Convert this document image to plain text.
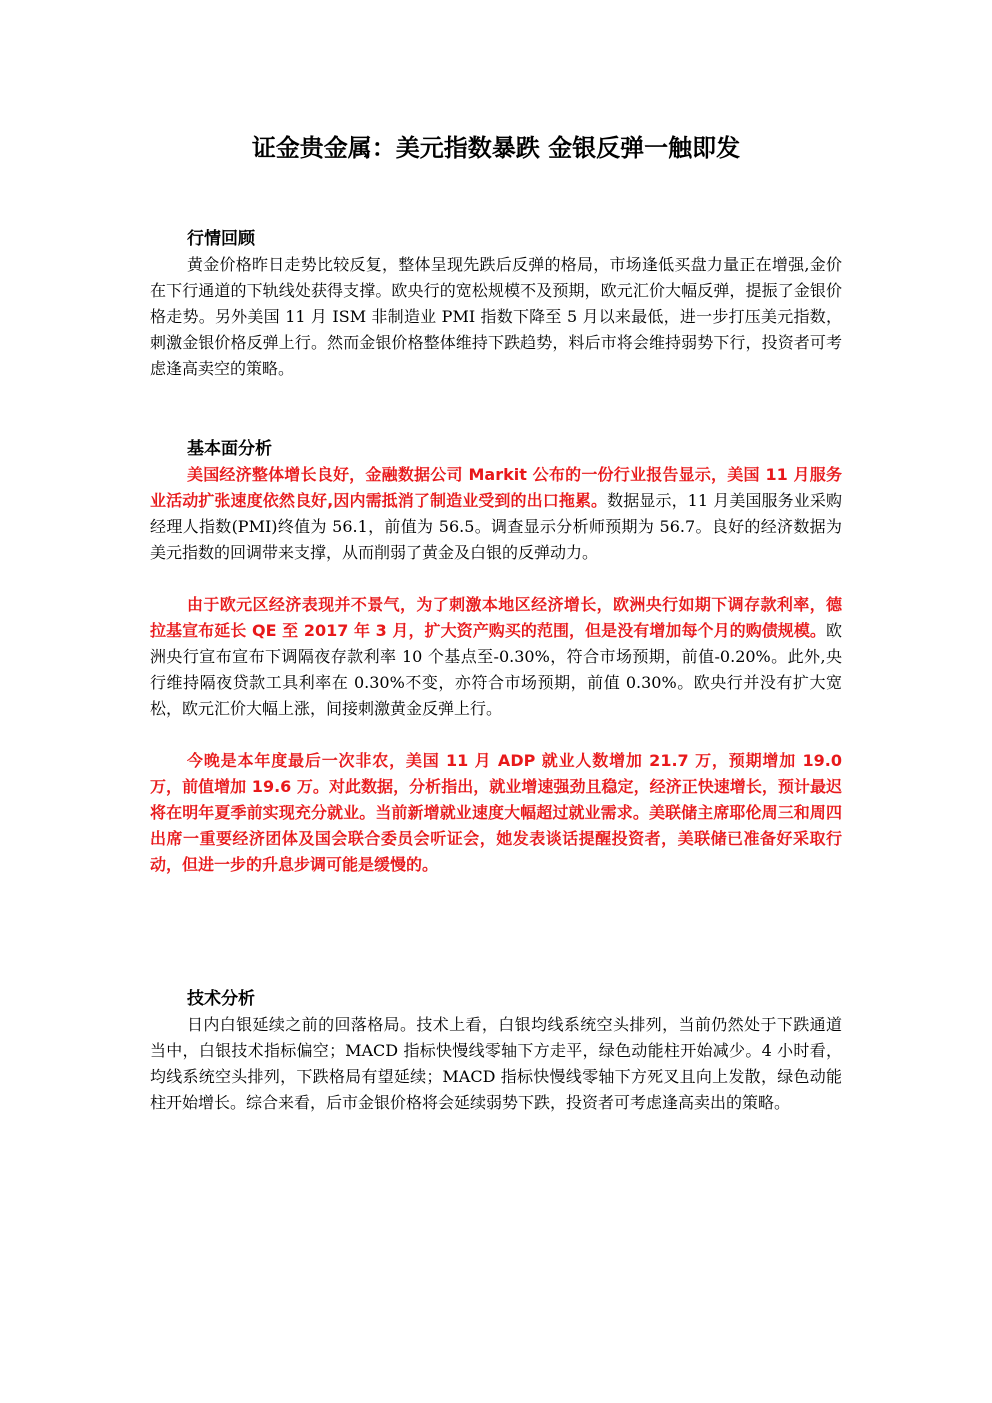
证金贵金属：美元指数暴跌 金银反弹一触即发
行情回顾

黄金价格昨日走势比较反复，整体呈现先跌后反弹的格局，市场逢低买盘力量正在增强,金价在下行通道的下轨线处获得支撑。欧央行的宽松规模不及预期，欧元汇价大幅反弹，提振了金银价格走势。另外美国 11 月 ISM 非制造业 PMI 指数下降至 5 月以来最低，进一步打压美元指数，刺激金银价格反弹上行。然而金银价格整体维持下跌趋势，料后市将会维持弱势下行，投资者可考虑逢高卖空的策略。

基本面分析

美国经济整体增长良好，金融数据公司 Markit 公布的一份行业报告显示，美国 11 月服务业活动扩张速度依然良好,因内需抵消了制造业受到的出口拖累。数据显示，11 月美国服务业采购经理人指数(PMI)终值为 56.1，前值为 56.5。调查显示分析师预期为 56.7。良好的经济数据为美元指数的回调带来支撑，从而削弱了黄金及白银的反弹动力。

由于欧元区经济表现并不景气，为了刺激本地区经济增长，欧洲央行如期下调存款利率，德拉基宣布延长 QE 至 2017 年 3 月，扩大资产购买的范围，但是没有增加每个月的购债规模。欧洲央行宣布宣布下调隔夜存款利率 10 个基点至-0.30%，符合市场预期，前值-0.20%。此外,央行维持隔夜贷款工具利率在 0.30%不变，亦符合市场预期，前值 0.30%。欧央行并没有扩大宽松，欧元汇价大幅上涨，间接刺激黄金反弹上行。

今晚是本年度最后一次非农，美国 11 月 ADP 就业人数增加 21.7 万，预期增加 19.0 万，前值增加 19.6 万。对此数据，分析指出，就业增速强劲且稳定，经济正快速增长，预计最迟将在明年夏季前实现充分就业。当前新增就业速度大幅超过就业需求。美联储主席耶伦周三和周四出席一重要经济团体及国会联合委员会听证会，她发表谈话提醒投资者，美联储已准备好采取行动，但进一步的升息步调可能是缓慢的。

技术分析

日内白银延续之前的回落格局。技术上看，白银均线系统空头排列，当前仍然处于下跌通道当中，白银技术指标偏空；MACD 指标快慢线零轴下方走平，绿色动能柱开始减少。4 小时看，均线系统空头排列，下跌格局有望延续；MACD 指标快慢线零轴下方死叉且向上发散，绿色动能柱开始增长。综合来看，后市金银价格将会延续弱势下跌，投资者可考虑逢高卖出的策略。
